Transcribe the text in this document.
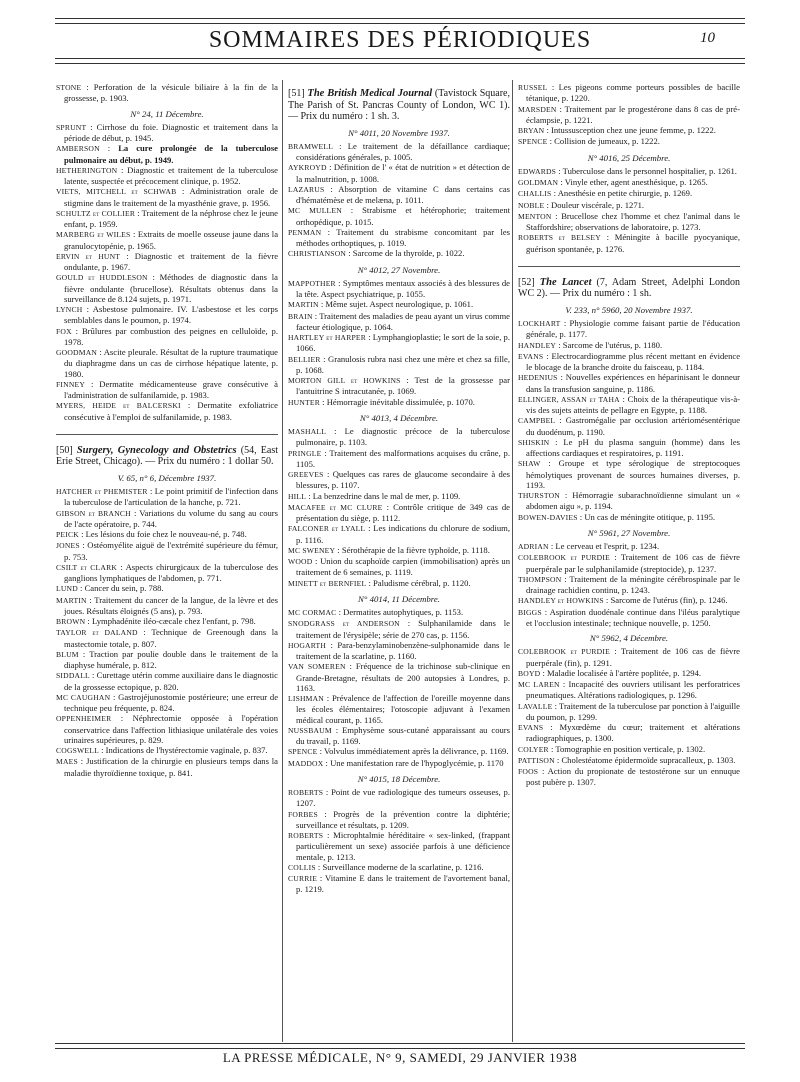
SOMMAIRES DES PÉRIODIQUES	10

STONE : Perforation de la vésicule biliaire à la fin de la grossesse, p. 1903.

N° 24, 11 Décembre.

SPRUNT : Cirrhose du foie. Diagnostic et traitement dans la période de début, p. 1945.

AMBERSON : La cure prolongée de la tuberculose pulmonaire au début, p. 1949.

HETHERINGTON : Diagnostic et traitement de la tuberculose latente, suspectée et précocement clinique, p. 1952.

VIETS, MITCHELL et SCHWAB : Administration orale de stigmine dans le traitement de la myasthénie grave, p. 1956.

SCHULTZ et COLLIER : Traitement de la néphrose chez le jeune enfant, p. 1959.

MARBERG et WILES : Extraits de moelle osseuse jaune dans la granulocytopénie, p. 1965.

ERVIN et HUNT : Diagnostic et traitement de la fièvre ondulante, p. 1967.

GOULD et HUDDLESON : Méthodes de diagnostic dans la fièvre ondulante (brucellose). Résultats obtenus dans la surveillance de 8.124 sujets, p. 1971.

LYNCH : Asbestose pulmonaire. IV. L'asbestose et les corps semblables dans le poumon, p. 1974.

FOX : Brûlures par combustion des peignes en celluloïde, p. 1978.

GOODMAN : Ascite pleurale. Résultat de la rupture traumatique du diaphragme dans un cas de cirrhose hépatique latente, p. 1980.

FINNEY : Dermatite médicamenteuse grave consécutive à l'administration de sulfanilamide, p. 1983.

MYERS, HEIDE et BALCERSKI : Dermatite exfoliatrice consécutive à l'emploi de sulfanilamide, p. 1983.

[50] Surgery, Gynecology and Obstetrics (54, East Erie Street, Chicago). — Prix du numéro : 1 dollar 50.

V. 65, n° 6, Décembre 1937.

HATCHER et PHEMISTER : Le point primitif de l'infection dans la tuberculose de l'articulation de la hanche, p. 721.

GIBSON et BRANCH : Variations du volume du sang au cours de l'acte opératoire, p. 744.

PEICK : Les lésions du foie chez le nouveau-né, p. 748.

JONES : Ostéomyélite aiguë de l'extrémité supérieure du fémur, p. 753.

CSILT et CLARK : Aspects chirurgicaux de la tuberculose des ganglions lymphatiques de l'abdomen, p. 771.

LUND : Cancer du sein, p. 788.

MARTIN : Traitement du cancer de la langue, de la lèvre et des joues. Résultats éloignés (5 ans), p. 793.

BROWN : Lymphadénite iléo-cæcale chez l'enfant, p. 798.

TAYLOR et DALAND : Technique de Greenough dans la mastectomie totale, p. 807.

BLUM : Traction par poulie double dans le traitement de la diaphyse humérale, p. 812.

SIDDALL : Curettage utérin comme auxiliaire dans le diagnostic de la grossesse ectopique, p. 820.

MC CAUGHAN : Gastrojéjunostomie postérieure; une erreur de technique peu fréquente, p. 824.

OPPENHEIMER : Néphrectomie opposée à l'opération conservatrice dans l'affection lithiasique unilatérale des voies urinaires supérieures, p. 829.

COGSWELL : Indications de l'hystérectomie vaginale, p. 837.

MAES : Justification de la chirurgie en plusieurs temps dans la maladie thyroïdienne toxique, p. 841.

[51] The British Medical Journal (Tavistock Square, The Parish of St. Pancras County of London, WC 1). — Prix du numéro : 1 sh. 3.

N° 4011, 20 Novembre 1937.

BRAMWELL : Le traitement de la défaillance cardiaque; considérations générales, p. 1005.

AYKROYD : Définition de l' « état de nutrition » et détection de la malnutrition, p. 1008.

LAZARUS : Absorption de vitamine C dans certains cas d'hématémèse et de melæna, p. 1011.

MC MULLEN : Strabisme et hétérophorie; traitement orthopédique, p. 1015.

PENMAN : Traitement du strabisme concomitant par les méthodes orthoptiques, p. 1019.

CHRISTIANSON : Sarcome de la thyroïde, p. 1022.

N° 4012, 27 Novembre.

MAPPOTHER : Symptômes mentaux associés à des blessures de la tête. Aspect psychiatrique, p. 1055.

MARTIN : Même sujet. Aspect neurologique, p. 1061.

BRAIN : Traitement des maladies de peau ayant un virus comme facteur étiologique, p. 1064.

HARTLEY et HARPER : Lymphangioplastie; le sort de la soie, p. 1066.

BELLIER : Granulosis rubra nasi chez une mère et chez sa fille, p. 1068.

MORTON GILL et HOWKINS : Test de la grossesse par l'antuitrine S intracutanée, p. 1069.

HUNTER : Hémorragie inévitable dissimulée, p. 1070.

N° 4013, 4 Décembre.

MASHALL : Le diagnostic précoce de la tuberculose pulmonaire, p. 1103.

PRINGLE : Traitement des malformations acquises du crâne, p. 1105.

GREEVES : Quelques cas rares de glaucome secondaire à des blessures, p. 1107.

HILL : La benzedrine dans le mal de mer, p. 1109.

MACAFEE et MC CLURE : Contrôle critique de 349 cas de présentation du siège, p. 1112.

FALCONER et LYALL : Les indications du chlorure de sodium, p. 1116.

MC SWENEY : Sérothérapie de la fièvre typhoïde, p. 1118.

WOOD : Union du scaphoïde carpien (immobilisation) après un traitement de 6 semaines, p. 1119.

MINETT et BERNFIEL : Paludisme cérébral, p. 1120.

N° 4014, 11 Décembre.

MC CORMAC : Dermatites autophytiques, p. 1153.

SNODGRASS et ANDERSON : Sulphanilamide dans le traitement de l'érysipèle; série de 270 cas, p. 1156.

HOGARTH : Para-benzylaminobenzène-sulphonamide dans le traitement de la scarlatine, p. 1160.

VAN SOMEREN : Fréquence de la trichinose sub-clinique en Grande-Bretagne, résultats de 200 autopsies à Londres, p. 1163.

LISHMAN : Prévalence de l'affection de l'oreille moyenne dans les écoles élémentaires; l'otoscopie adjuvant à l'examen médical courant, p. 1165.

NUSSBAUM : Emphysème sous-cutané apparaissant au cours du travail, p. 1169.

SPENCE : Volvulus immédiatement après la délivrance, p. 1169.

MADDOX : Une manifestation rare de l'hypoglycémie, p. 1170

N° 4015, 18 Décembre.

ROBERTS : Point de vue radiologique des tumeurs osseuses, p. 1207.

FORBES : Progrès de la prévention contre la diphtérie; surveillance et résultats, p. 1209.

ROBERTS : Microphtalmie héréditaire « sex-linked, (frappant particulièrement un sexe) associée parfois à une déficience mentale, p. 1213.

COLLIS : Surveillance moderne de la scarlatine, p. 1216.

CURRIE : Vitamine E dans le traitement de l'avortement banal, p. 1219.

RUSSEL : Les pigeons comme porteurs possibles de bacille tétanique, p. 1220.

MARSDEN : Traitement par le progestérone dans 8 cas de pré-éclampsie, p. 1221.

BRYAN : Intussusception chez une jeune femme, p. 1222.

SPENCE : Collision de jumeaux, p. 1222.

N° 4016, 25 Décembre.

EDWARDS : Tuberculose dans le personnel hospitalier, p. 1261.

GOLDMAN : Vinyle ether, agent anesthésique, p. 1265.

CHALLIS : Anesthésie en petite chirurgie, p. 1269.

NOBLE : Douleur viscérale, p. 1271.

MENTON : Brucellose chez l'homme et chez l'animal dans le Staffordshire; observations de laboratoire, p. 1273.

ROBERTS et BELSEY : Méningite à bacille pyocyanique, guérison spontanée, p. 1276.

[52] The Lancet (7, Adam Street, Adelphi London WC 2). — Prix du numéro : 1 sh.

V. 233, n° 5960, 20 Novembre 1937.

LOCKHART : Physiologie comme faisant partie de l'éducation générale, p. 1177.

HANDLEY : Sarcome de l'utérus, p. 1180.

EVANS : Electrocardiogramme plus récent mettant en évidence le blocage de la branche droite du faisceau, p. 1184.

HEDENIUS : Nouvelles expériences en héparinisant le donneur dans la transfusion sanguine, p. 1186.

ELLINGER, ASSAN et TAHA : Choix de la thérapeutique vis-à-vis des sujets atteints de pellagre en Egypte, p. 1188.

CAMPBEL : Gastromégalie par occlusion artériomésentérique du duodénum, p. 1190.

SHISKIN : Le pH du plasma sanguin (homme) dans les affections cardiaques et respiratoires, p. 1191.

SHAW : Groupe et type sérologique de streptocoques hémolytiques provenant de sources humaines diverses, p. 1193.

THURSTON : Hémorragie subarachnoïdienne simulant un « abdomen aigu », p. 1194.

BOWEN-DAVIES : Un cas de méningite otitique, p. 1195.

N° 5961, 27 Novembre.

ADRIAN : Le cerveau et l'esprit, p. 1234.

COLEBROOK et PURDIE : Traitement de 106 cas de fièvre puerpérale par le sulphanilamide (streptocide), p. 1237.

THOMPSON : Traitement de la méningite cérébrospinale par le drainage rachidien continu, p. 1243.

HANDLEY et HOWKINS : Sarcome de l'utérus (fin), p. 1246.

BIGGS : Aspiration duodénale continue dans l'iléus paralytique et l'occlusion intestinale; technique nouvelle, p. 1250.

N° 5962, 4 Décembre.

COLEBROOK et PURDIE : Traitement de 106 cas de fièvre puerpérale (fin), p. 1291.

BOYD : Maladie localisée à l'artère poplitée, p. 1294.

MC LAREN : Incapacité des ouvriers utilisant les perforatrices pneumatiques. Altérations radiologiques, p. 1296.

LAVALLE : Traitement de la tuberculose par ponction à l'aiguille du poumon, p. 1299.

EVANS : Myxœdème du cœur; traitement et altérations radiographiques, p. 1300.

COLYER : Tomographie en position verticale, p. 1302.

PATTISON : Cholestéatome épidermoïde supracalleux, p. 1303.

FOOS : Action du propionate de testostérone sur un ennuque post pubère p. 1307.

LA PRESSE MÉDICALE, N° 9, SAMEDI, 29 JANVIER 1938
